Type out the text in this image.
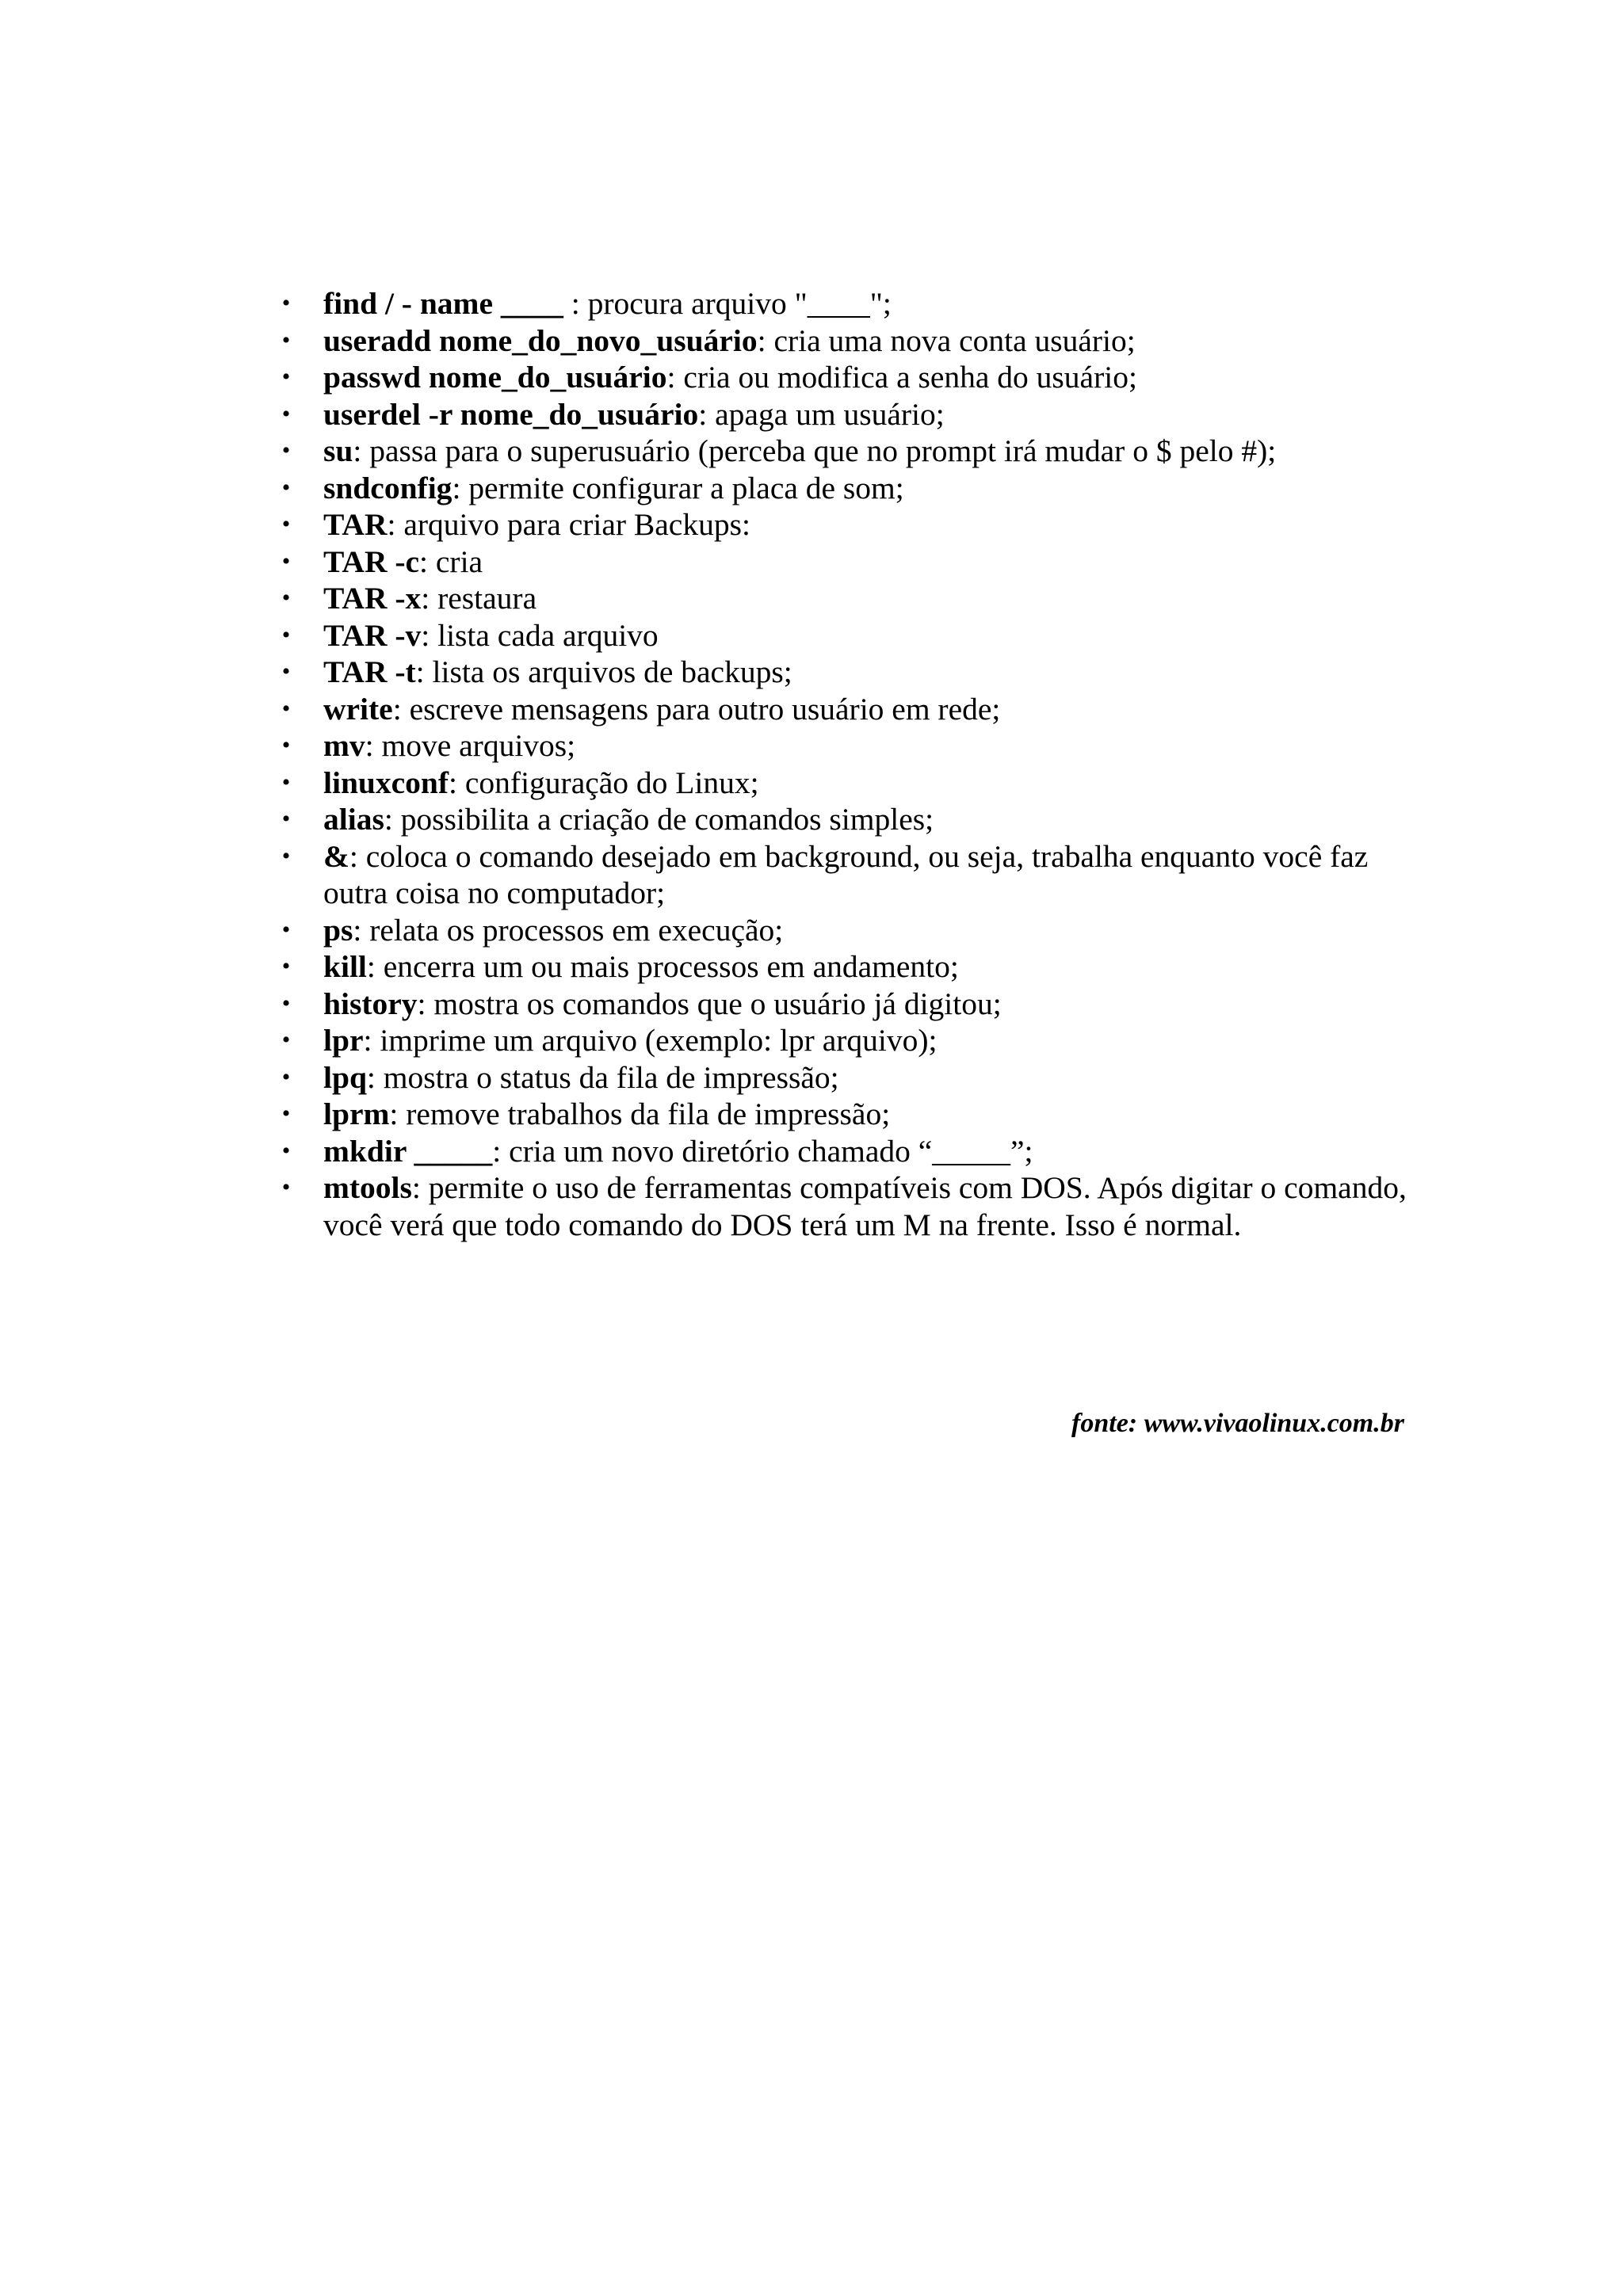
• find / - name ____ : procura arquivo "____";
• useradd nome_do_novo_usuário: cria uma nova conta usuário;
• passwd nome_do_usuário: cria ou modifica a senha do usuário;
• userdel -r nome_do_usuário: apaga um usuário;
• su: passa para o superusuário (perceba que no prompt irá mudar o $ pelo #);
• sndconfig: permite configurar a placa de som;
• TAR: arquivo para criar Backups:
• TAR -c: cria
• TAR -x: restaura
• TAR -v: lista cada arquivo
• TAR -t: lista os arquivos de backups;
• write: escreve mensagens para outro usuário em rede;
• mv: move arquivos;
• linuxconf: configuração do Linux;
• alias: possibilita a criação de comandos simples;
• &: coloca o comando desejado em background, ou seja, trabalha enquanto você faz outra coisa no computador;
• ps: relata os processos em execução;
• kill: encerra um ou mais processos em andamento;
• history: mostra os comandos que o usuário já digitou;
• lpr: imprime um arquivo (exemplo: lpr arquivo);
• lpq: mostra o status da fila de impressão;
• lprm: remove trabalhos da fila de impressão;
• mkdir _____: cria um novo diretório chamado “_____”;
• mtools: permite o uso de ferramentas compatíveis com DOS. Após digitar o comando, você verá que todo comando do DOS terá um M na frente. Isso é normal.
fonte: www.vivaolinux.com.br
